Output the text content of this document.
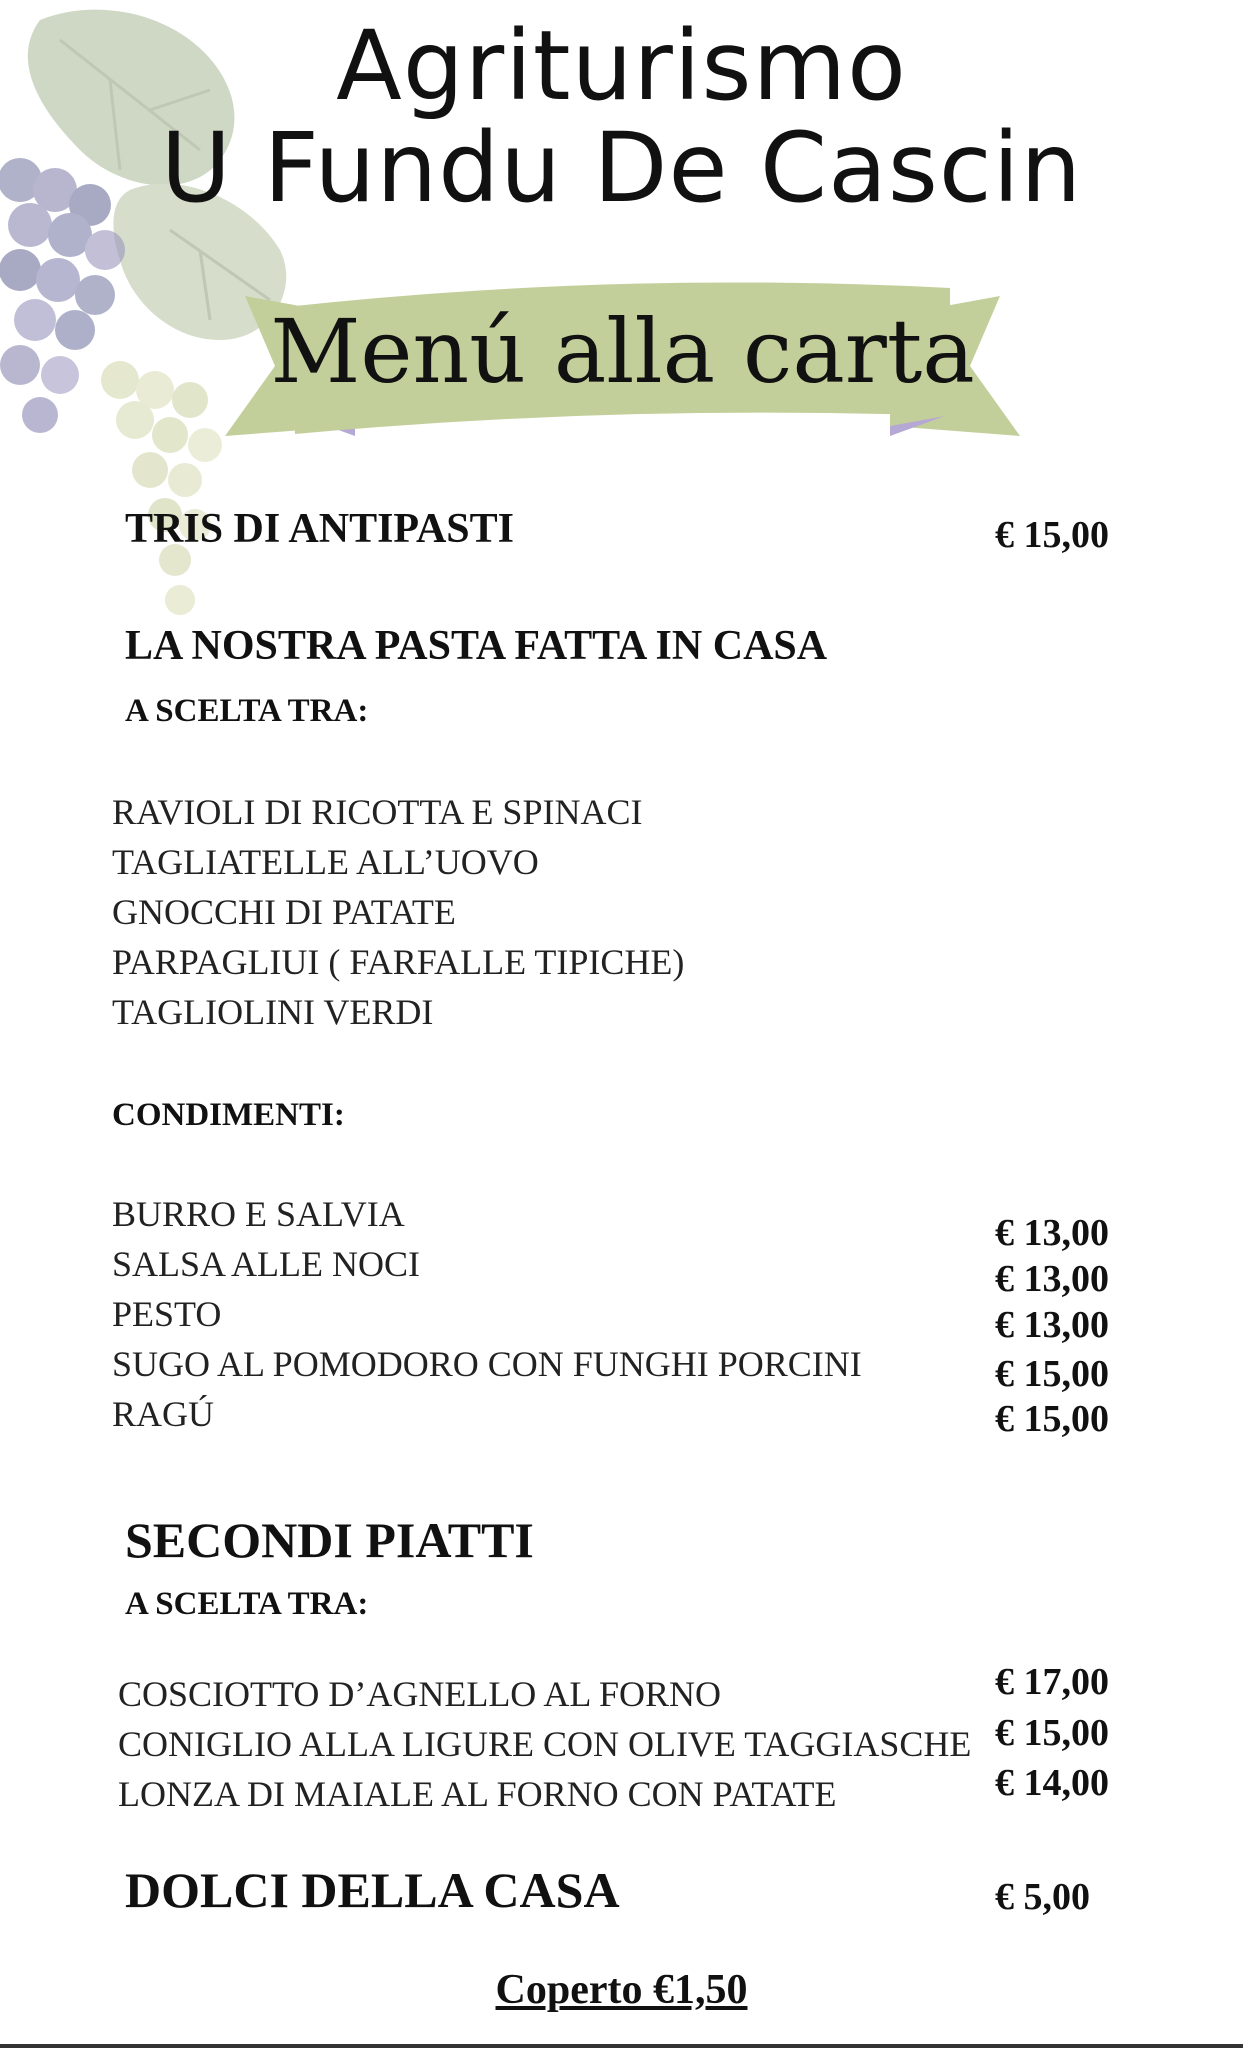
Agriturismo
U Fundu De Cascin
Menú alla carta
TRIS DI ANTIPASTI	€ 15,00
LA NOSTRA PASTA FATTA IN CASA
A SCELTA TRA:
RAVIOLI DI RICOTTA E SPINACI
TAGLIATELLE ALL’UOVO
GNOCCHI DI PATATE
PARPAGLIUI ( FARFALLE TIPICHE)
TAGLIOLINI VERDI
CONDIMENTI:
BURRO E SALVIA
SALSA ALLE NOCI
PESTO
SUGO AL POMODORO CON FUNGHI PORCINI
RAGÚ
€ 13,00
€ 13,00
€ 13,00
€ 15,00
€ 15,00
SECONDI PIATTI
A SCELTA TRA:
COSCIOTTO D’AGNELLO AL FORNO
CONIGLIO ALLA LIGURE CON OLIVE TAGGIASCHE
LONZA DI MAIALE AL FORNO CON PATATE
€ 17,00
€ 15,00
€ 14,00
DOLCI DELLA CASA	€ 5,00
Coperto €1,50
